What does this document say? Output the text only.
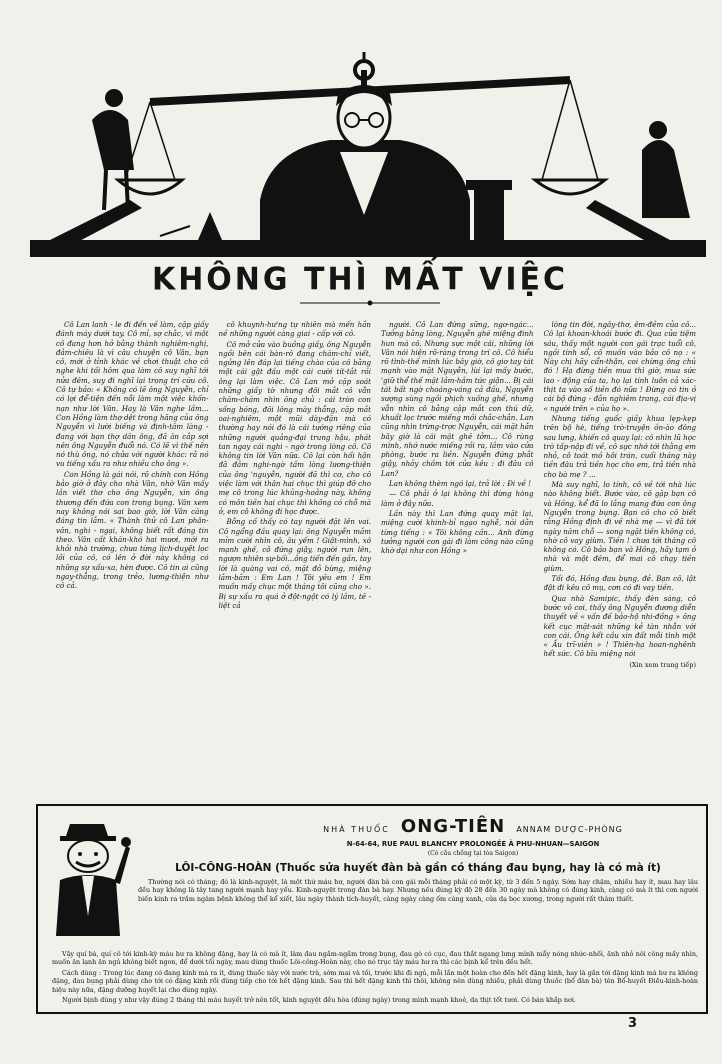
KHÔNG THÌ MẤT VIỆC

Cô Lan lanh - le đi đến về làm, cặp giấy đánh máy dưới tay. Cô mỉ, sợ chắc, vì một cô đang hơn hở bằng thành nghiêm-nghị, đảm-chiêu là vì câu chuyện cô Vân, bạn cô, mới ở tỉnh khác về chơi thuật cho cô nghe khi tối hôm qua làm cô suy nghĩ tới nửa đêm, suy đi nghĩ lại trong trí cứu cô. Cô tự bảo: « Không có lẽ ông Nguyễn, chỉ có lợi để-tiện đến nỗi làm một việc khốn-nạn như lời Vân. Hay là Vân nghe lầm... Con Hồng làm thợ dệt trong hãng của ông Nguyễn vì lười biếng và định-tâm làng - đang với bạn thợ dân ông, đã ăn cắp sợi nên ông Nguyễn đuổi nó. Có lẽ vì thế nên nó thù ông, nó chửa với người khác: rằ nó vu tiếng xấu ra như nhiều cho ông ».

Con Hồng là gái nói, rõ chính con Hồng bảo giờ ở đây cho nhà Vân, nhờ Vân mấy lần viết thơ cho ông Nguyễn, xin ông thương đến đứa con trong bụng. Vân xem nay không nói sai bao giờ, lời Vân căng đáng tin lắm. « Thành thử cô Lan phân-vân, nghi - ngại, không biết rất đáng tin theo. Vân cất khăn-khó hai mươi, mới ra khỏi nhà trường, chưa từng lịch-duyệt lọc lõi của cô, có lên ở đời này không có những sự xấu-xa, hèn được. Cô tin ai cũng ngay-thẳng, trong trẻo, lương-thiện như cô cả.

cô khuynh-hư'ng tự nhiên mà mến hắn nề những người càng giai - cấp với cô.

Cô mở cửa vào buồng giấy, ông Nguyễn ngồi bên cái bàn-rô đang chăm-chỉ viết, ngửng lên đáp lại tiếng chào của cô bằng một cái gật đầu một cái cười tít-tắt rồi ông lại làm việc. Cô Lan mở cặp soát những giấy tờ nhưng đôi mắt cô vẫn chăm-chăm nhìn ông chủ : cái tròn con sống bóng, đôi lông mày thẳng, cặp mắt oai-nghiêm, một mũi dày-đặn mà có thường hay nói đó là cái tướng riêng của những người quảng-đại trung hậu, phát tan ngay cái nghi - ngờ trong lòng cô. Cô không tin lời Vân nữa. Cô lại còn hối hận đã đảm nghi-ngờ tấm lòng lương-thiện của ông 'nguyễn, người đã thì cơ, cho cô việc làm với thân hai chục thì giúp đỡ cho mẹ cô trong lúc khủng-hoảng này, không có môn tiền hai chục thì không có chỗ mà ở, em cô không đi học được.

Bỗng cố thấy có tay người đặt lên vai. Cô ngẩng đầu quay lại: ông Nguyễn mắm mỉm cười nhìn cô, âu yếm ! Giật-mình, xô mạnh ghế, cô đứng giậy, người run lên, ngượn nhiên sự-bối...ông tiến đến gần, tay lời là quàng vai cô, mặt đỏ bừng, miệng lắm-bắm : Em Lan ! Tôi yêu em ! Em muốn mấy chục một tháng tôi cũng cho ». Bị sự xấu ra quá ở đột-ngột có lý lầm, tê - liệt cả

người. Cô Lan đứng sững, ngơ-ngác... Tưởng bằng lòng, Nguyễn ghé miệng đinh hun má cô. Nhưng sực một cái, những lời Vân nói hiện rõ-ràng trong trí cô. Cô hiểu rõ tình-thế mình lúc bây giờ, cô giơ tay tát mạnh vào mặt Nguyễn, lùi lại mấy bước, 'giữ thể thế mặt lầm-hầm tức giận... Bị cái tát bất ngờ choáng-váng cả đầu, Nguyễn sượng sùng ngồi phịch xuống ghế, nhưng vẫn nhìn cô bằng cặp mắt con thú dữ, khuất lọc trước miếng mồi chắc-chắn. Lan cũng nhìn trừng-trợc Nguyễn, cái mặt hắn bây giờ là cái mặt ghê tởm... Cô rùng mình, nhớ nước miếng rồi ra, lầm vào cửa phòng, bước ra liền. Nguyễn đứng phắt giậy, nhảy chồm tới cửa kêu : đi đâu cô Lan?

Lan không thèm ngó lại, trả lời : Đi về !

— Cô phải ở lại không thì đừng hòng làm ở đây nữa.

Lần này thì Lan đứng quay mặt lại, miệng cười khinh-bỉ ngạo nghễ, nói dằn từng tiếng : « Tôi không cần... Anh đừng tưởng người con gái đi làm công nào cũng khờ dại như con Hồng »

lòng tin đời, ngây-thơ, êm-đềm của cô... Cô lại khoan-khoái bước đi. Qua cửa tiệm sáu, thấy một người con gái trạc tuổi cô, ngồi tính sổ, cô muốn vào bảo cô nọ : « Này chị hãy cẩn-thận, coi chừng ông chủ đó ! Hạ đừng tiền mua thì giờ, mua sức lao - động của ta, họ lại tính luôn cả xác-thịt ta vào số tiền đó nữa ! Đừng có tin ở cái bộ đứng - đắn nghiêm trang, cái địa-vị « người trên » của họ ».

Nhưng tiếng guốc giầy khua lẹp-kẹp trên bộ hè, tiếng trò-truyện ồn-ào đông sau lưng, khiến cô quay lại: cô nhìn lũ học trò tấp-nập đi về, cô sực nhớ tới thằng em nhỏ, cô toát mồ hôi trán, cuối tháng này tiền đâu trả tiền học cho em, trả tiền nhà cho bà mẹ ? ...

Mà suy nghĩ, lo tính, cô về tới nhà lúc nào không biết. Bước vào, cô gặp bạn cô và Hồng, kể đã lo lắng mang đứa con ông Nguyễn trong bụng. Bạn cô cho cô biết rằng Hồng định đi về nhà mẹ — vì đã tới ngày năm chỗ — song ngặt tiền không có, nhờ cô vay giùm. Tiền ! chưa tới tháng cô không có. Cô bảo bạn và Hồng, hãy tạm ở nhà và một đêm, để mai cô chạy tiền giùm.

Tối đó, Hồng đau bụng, đẻ. Bạn cô, lật đật đi kêu cô mụ, cơn có đi vay tiền.

Qua nhà Samipic, thấy đèn sáng, cô bước vô coi, thấy ông Nguyễn đương diễn thuyết về « vấn đề bảo-hộ nhi-đồng » ông kết cục mặt-sát những kẻ tàn nhẫn với con cái. Ông kết cầu xin đất mỗi tình một « Ấu trĩ-viên » ! Thiên-hạ hoan-nghênh hết sức. Cô bĩu miệng nói

(Xin xem trang tiếp)
NHÀ THUỐC ONG-TIÊN ANNAM DƯỢC-PHÒNG
N-64-64, RUE PAUL BLANCHY PROLONGÉE À PHU-NHUAN—SAIGON
(Có cầu chồng tại tòa Saigon)
LÔI-CÔNG-HOÀN (Thuốc sửa huyết đàn bà gần có tháng đau bụng, hay là có mà ít)

Thường nói có tháng; đó là kinh-nguyệt, là một thứ máu hư, người đàn bà con gái mỗi tháng phải có một kỳ, từ 3 đến 5 ngày. Sớm hay chậm, nhiều hay ít, mau hay lâu đều hay không là tây tang người mạnh hay yếu. Kinh-nguyệt trong đàn bà hay. Nhưng nếu đúng kỳ độ 28 đến 30 ngày mà không có đúng kinh, càng có mà ít thì cơn người biến kinh ra trầm ngâm bệnh không thể kể xiết, lâu ngày thành tích-huyết, càng ngày càng ốm càng xanh, cửa dạ bọc xương, trong người rất thâm thiết.

Vậy quí bà, quí cô tới kinh-kỳ máu hư ra không đặng, hay là có mà ít, làm đau ngầm-ngầm trong bụng, đau gò có cục, đau thắt ngang lưng mình mẩy nóng nhức-nhối, ănh nhỏ nôi công mấy nhìn, muốn ăn lạnh ăn ngủ không biết ngon, để dưới tối ngày, mau dùng thuốc Lôi-công-Hoàn này, cho nó trục tây máu hư ra thì các bịnh kể trên đều hết.

Cách dùng : Trong lúc đang có đang kinh mà ra ít, dùng thuốc này với nước trà, sớm mai và tối, trước khi đi ngủ, mỗi lần một hoàn cho đến hết đặng kinh, hay là gần tới đặng kinh mà hư ra không đặng, đau bụng phải dùng cho tới có đặng kinh rồi dùng tiếp cho tới hết đặng kinh. Sau thì hết đặng kinh thì thôi, không nên dùng nhiều, phải dùng thuốc (bổ đàn bà) tên Bổ-huyết Điều-kinh-hoàn hiệu này nữa, đặng dưỡng huyết lại cho dùng ngày.

Người bịnh dùng y như vậy đúng 2 tháng thì máu huyết trở nên tốt, kinh nguyệt đều hòa (đúng ngày) trong mình mạnh khoẻ, da thịt tốt tươi. Có bán khắp nơi.

3
